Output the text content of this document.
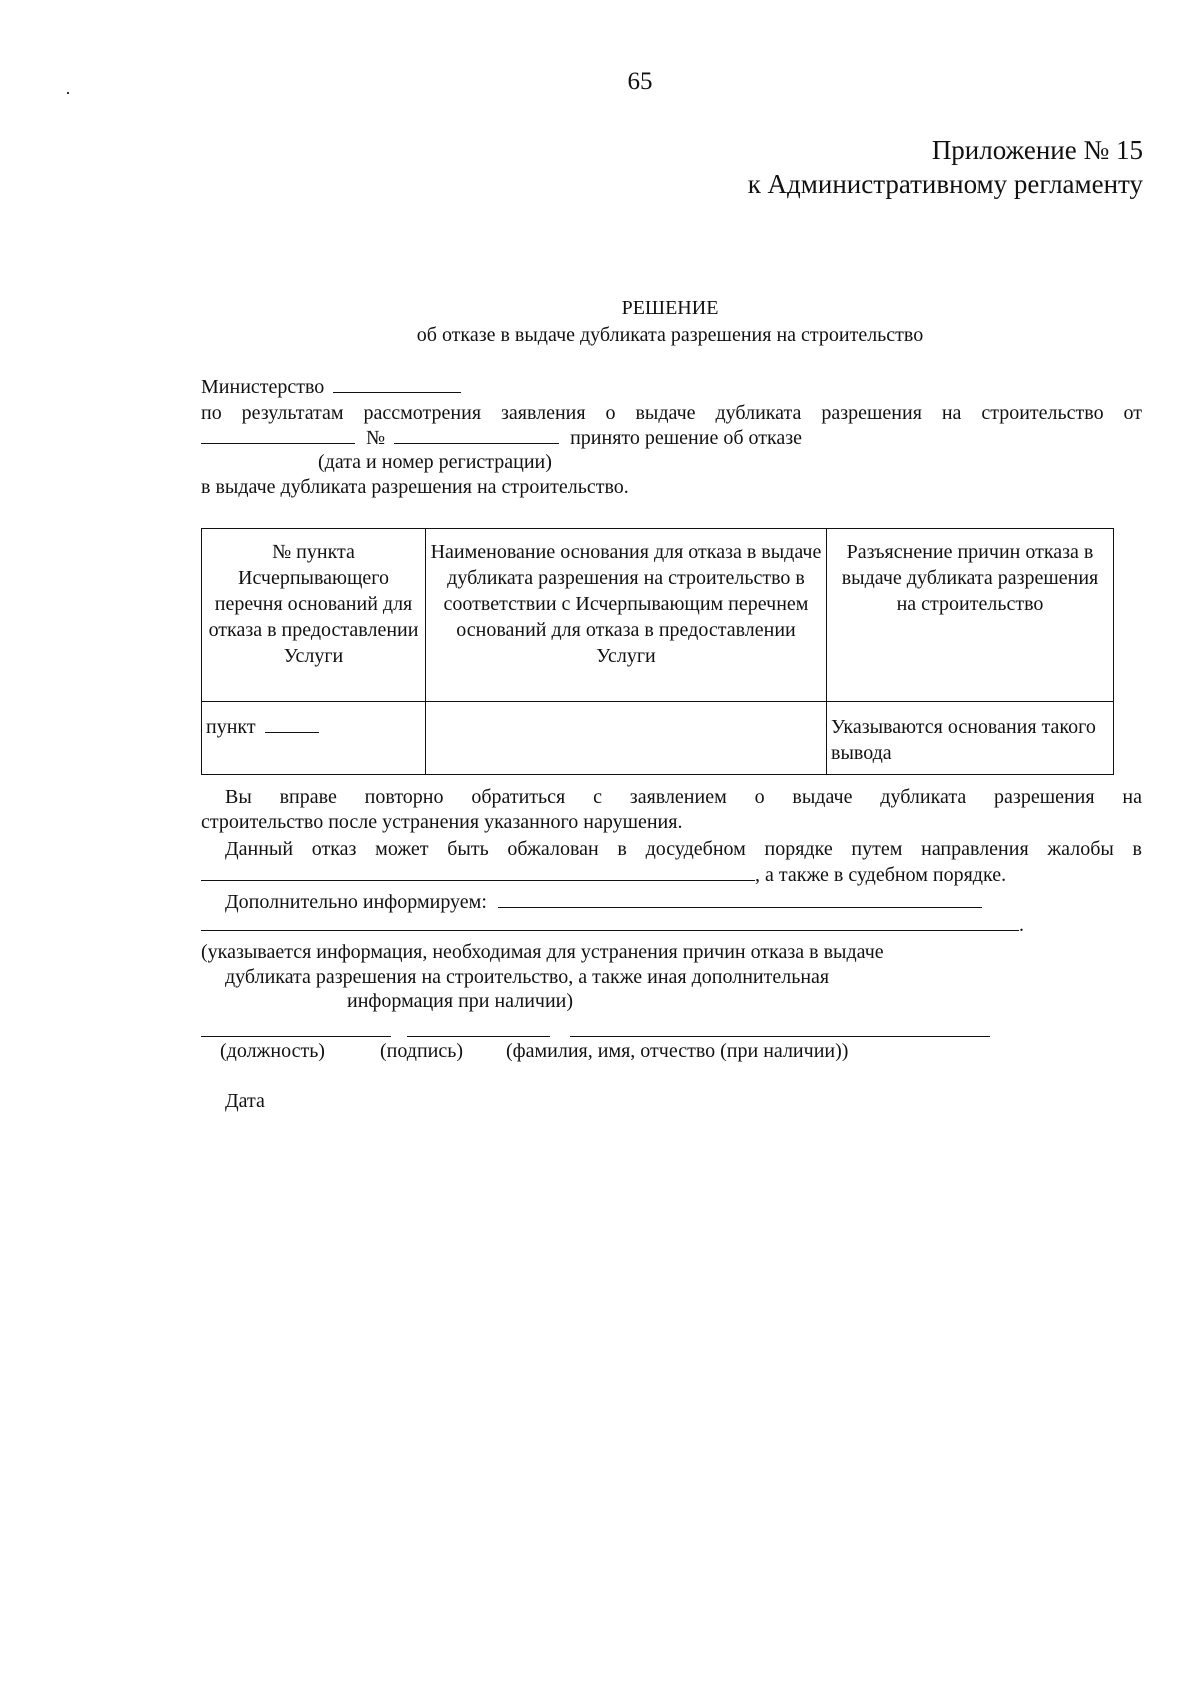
65
Приложение № 15
к Административному регламенту
РЕШЕНИЕ
об отказе в выдаче дубликата разрешения на строительство
Министерство
по результатам рассмотрения заявления о выдаче дубликата разрешения на строительство от
№	принято решение об отказе
(дата и номер регистрации)
в выдаче дубликата разрешения на строительство.
№ пункта Исчерпывающего перечня оснований для отказа в предоставлении Услуги	Наименование основания для отказа в выдаче дубликата разрешения на строительство в соответствии с Исчерпывающим перечнем оснований для отказа в предоставлении Услуги	Разъяснение причин отказа в выдаче дубликата разрешения на строительство
пункт		Указываются основания такого вывода
Вы вправе повторно обратиться с заявлением о выдаче дубликата разрешения на
строительство после устранения указанного нарушения.
Данный отказ может быть обжалован в досудебном порядке путем направления жалобы в
, а также в судебном порядке.
Дополнительно информируем:
.
(указывается информация, необходимая для устранения причин отказа в выдаче
дубликата разрешения на строительство, а также иная дополнительная
информация при наличии)

(должность)	(подпись) (фамилия, имя, отчество (при наличии))
Дата
